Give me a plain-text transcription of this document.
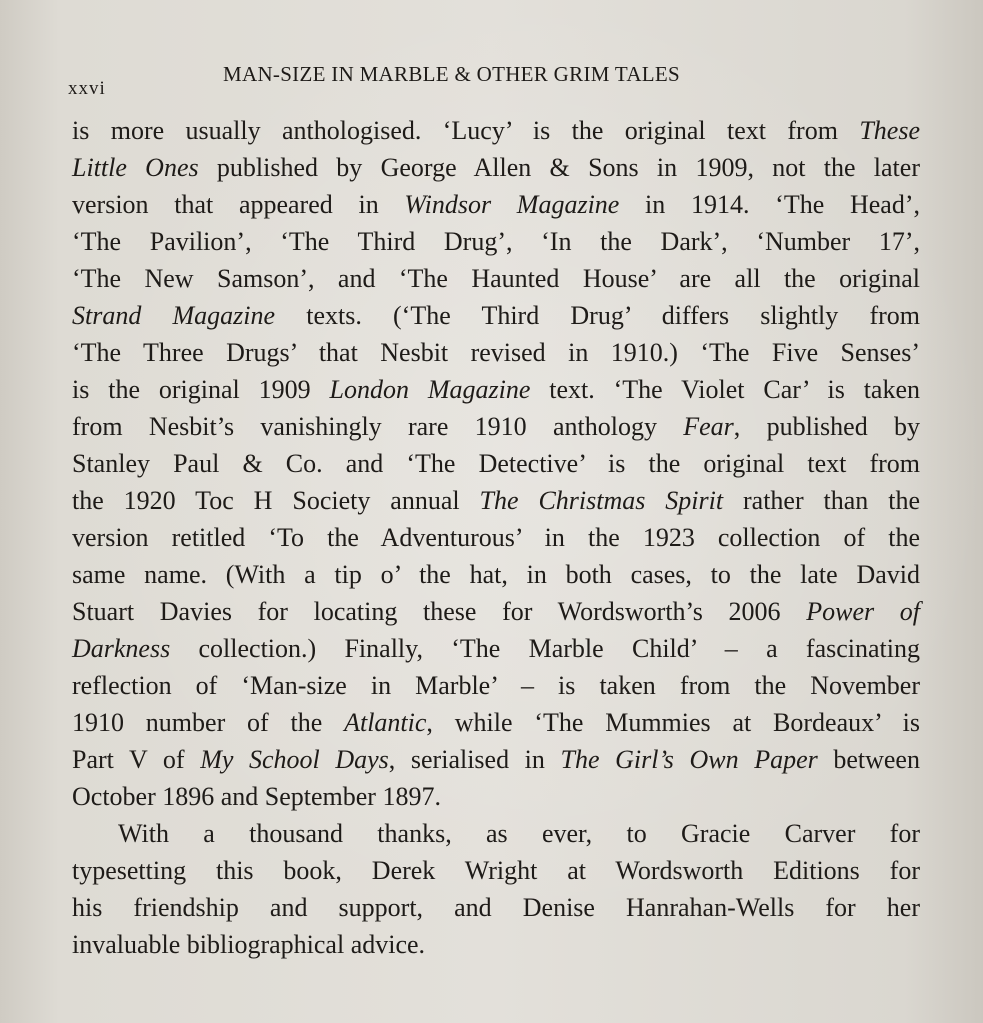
xxvi
MAN-SIZE IN MARBLE & OTHER GRIM TALES
is more usually anthologised. ‘Lucy’ is the original text from These
Little Ones published by George Allen & Sons in 1909, not the later
version that appeared in Windsor Magazine in 1914. ‘The Head’,
‘The Pavilion’, ‘The Third Drug’, ‘In the Dark’, ‘Number 17’,
‘The New Samson’, and ‘The Haunted House’ are all the original
Strand Magazine texts. (‘The Third Drug’ differs slightly from
‘The Three Drugs’ that Nesbit revised in 1910.) ‘The Five Senses’
is the original 1909 London Magazine text. ‘The Violet Car’ is taken
from Nesbit’s vanishingly rare 1910 anthology Fear, published by
Stanley Paul & Co. and ‘The Detective’ is the original text from
the 1920 Toc H Society annual The Christmas Spirit rather than the
version retitled ‘To the Adventurous’ in the 1923 collection of the
same name. (With a tip o’ the hat, in both cases, to the late David
Stuart Davies for locating these for Wordsworth’s 2006 Power of
Darkness collection.) Finally, ‘The Marble Child’ – a fascinating
reflection of ‘Man-size in Marble’ – is taken from the November
1910 number of the Atlantic, while ‘The Mummies at Bordeaux’ is
Part V of My School Days, serialised in The Girl’s Own Paper between
October 1896 and September 1897.
With a thousand thanks, as ever, to Gracie Carver for
typesetting this book, Derek Wright at Wordsworth Editions for
his friendship and support, and Denise Hanrahan-Wells for her
invaluable bibliographical advice.
